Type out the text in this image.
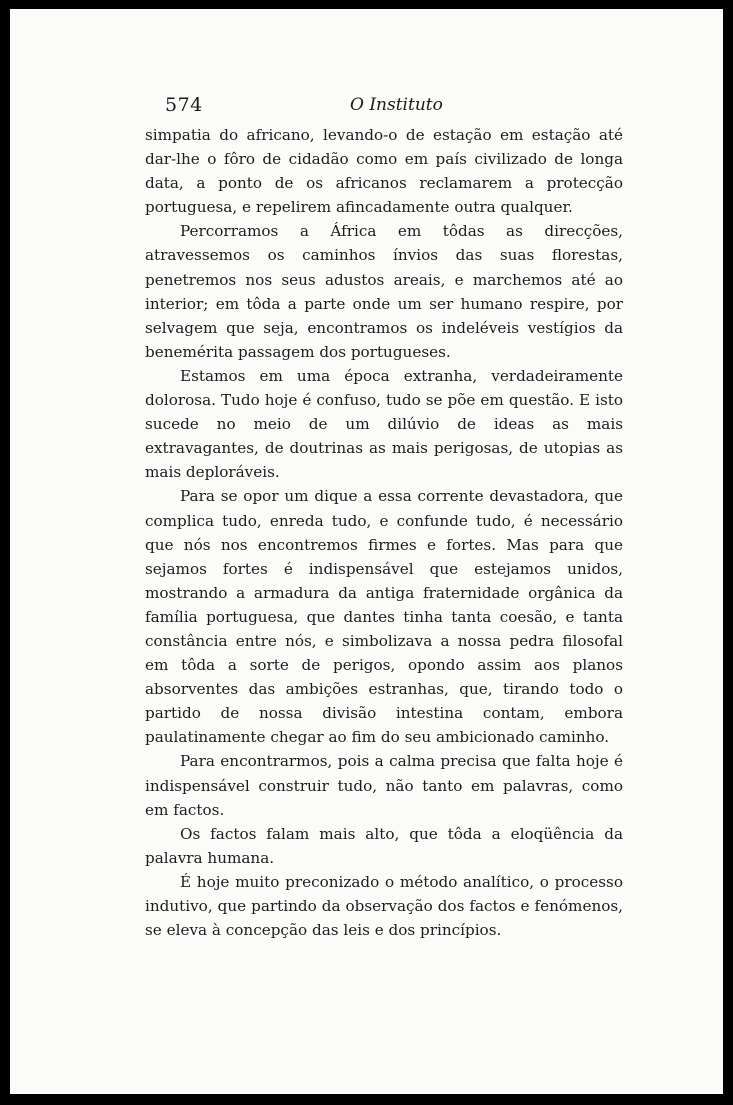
574	O Instituto

simpatia do africano, levando-o de estação em estação até dar-lhe o fôro de cidadão como em país civilizado de longa data, a ponto de os africanos reclamarem a protecção portuguesa, e repelirem afincadamente outra qualquer.

Percorramos a África em tôdas as direcções, atravessemos os caminhos ínvios das suas florestas, penetremos nos seus adustos areais, e marchemos até ao interior; em tôda a parte onde um ser humano respire, por selvagem que seja, encontramos os indeléveis vestígios da benemérita passagem dos portugueses.

Estamos em uma época extranha, verdadeiramente dolorosa. Tudo hoje é confuso, tudo se põe em questão. E isto sucede no meio de um dilúvio de ideas as mais extravagantes, de doutrinas as mais perigosas, de utopias as mais deploráveis.

Para se opor um dique a essa corrente devastadora, que complica tudo, enreda tudo, e confunde tudo, é necessário que nós nos encontremos firmes e fortes. Mas para que sejamos fortes é indispensável que estejamos unidos, mostrando a armadura da antiga fraternidade orgânica da família portuguesa, que dantes tinha tanta coesão, e tanta constância entre nós, e simbolizava a nossa pedra filosofal em tôda a sorte de perigos, opondo assim aos planos absorventes das ambições estranhas, que, tirando todo o partido de nossa divisão intestina contam, embora paulatinamente chegar ao fim do seu ambicionado caminho.

Para encontrarmos, pois a calma precisa que falta hoje é indispensável construir tudo, não tanto em palavras, como em factos.

Os factos falam mais alto, que tôda a eloqüência da palavra humana.

É hoje muito preconizado o método analítico, o processo indutivo, que partindo da observação dos factos e fenómenos, se eleva à concepção das leis e dos princípios.
